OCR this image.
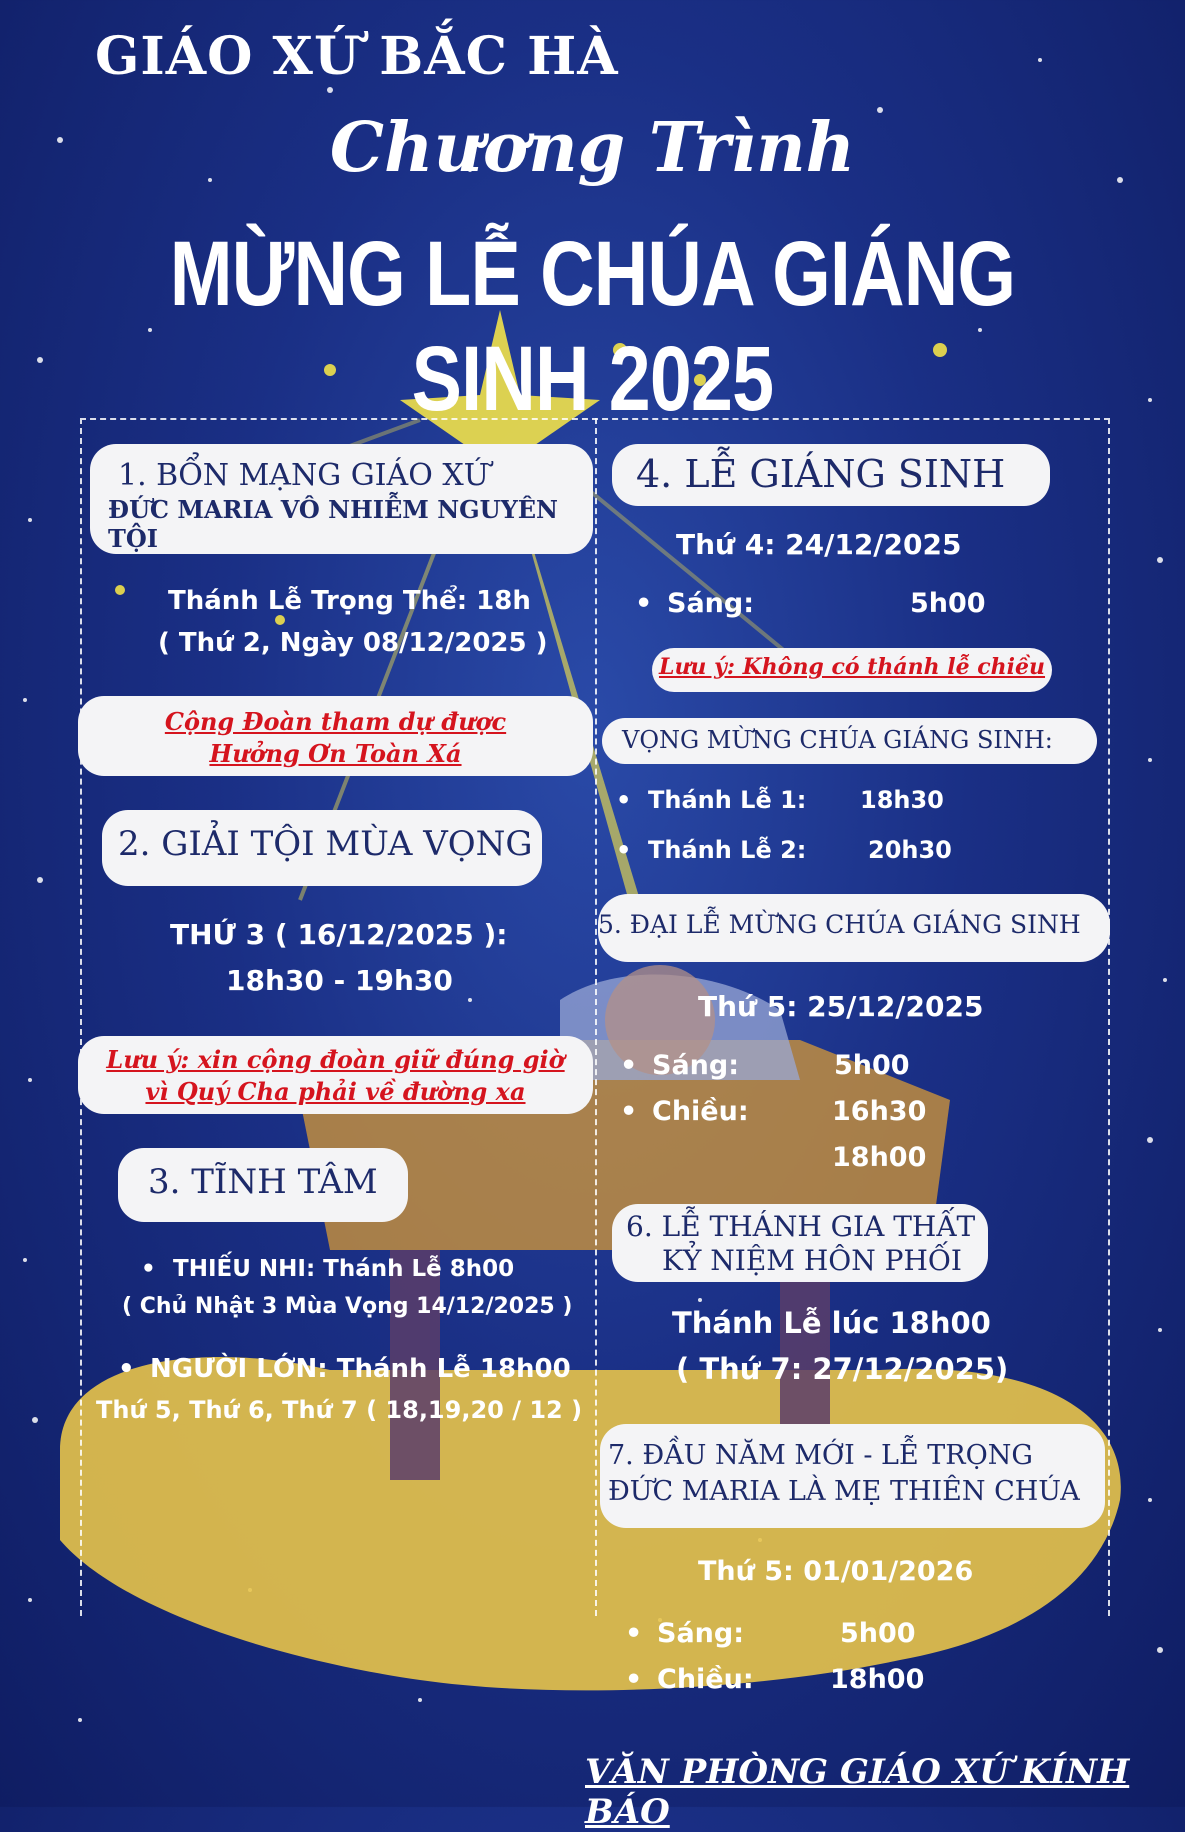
GIÁO XỨ BẮC HÀ
Chương Trình
MỪNG LỄ CHÚA GIÁNG SINH 2025
1. BỔN MẠNG GIÁO XỨ
ĐỨC MARIA VÔ NHIỄM NGUYÊN TỘI
Thánh Lễ Trọng Thể: 18h
( Thứ 2, Ngày 08/12/2025 )
Cộng Đoàn tham dự được
Hưởng Ơn Toàn Xá
2. GIẢI TỘI MÙA VỌNG
THỨ 3 ( 16/12/2025 ):
18h30 - 19h30
Lưu ý: xin cộng đoàn giữ đúng giờ
vì Quý Cha phải về đường xa
3. TĨNH TÂM
• THIẾU NHI: Thánh Lễ 8h00
( Chủ Nhật 3 Mùa Vọng 14/12/2025 )
• NGƯỜI LỚN: Thánh Lễ 18h00
Thứ 5, Thứ 6, Thứ 7 ( 18,19,20 / 12 )
4. LỄ GIÁNG SINH
Thứ 4: 24/12/2025
• Sáng:	5h00
Lưu ý: Không có thánh lễ chiều
VỌNG MỪNG CHÚA GIÁNG SINH:
• Thánh Lễ 1: 18h30
• Thánh Lễ 2:	20h30
5. ĐẠI LỄ MỪNG CHÚA GIÁNG SINH
Thứ 5: 25/12/2025
• Sáng:	5h00
• Chiều:	16h30
18h00
6. LỄ THÁNH GIA THẤT
KỶ NIỆM HÔN PHỐI
Thánh Lễ lúc 18h00
( Thứ 7: 27/12/2025)
7. ĐẦU NĂM MỚI - LỄ TRỌNG
ĐỨC MARIA LÀ MẸ THIÊN CHÚA
Thứ 5: 01/01/2026
• Sáng:	5h00
• Chiều:	18h00
VĂN PHÒNG GIÁO XỨ KÍNH BÁO
